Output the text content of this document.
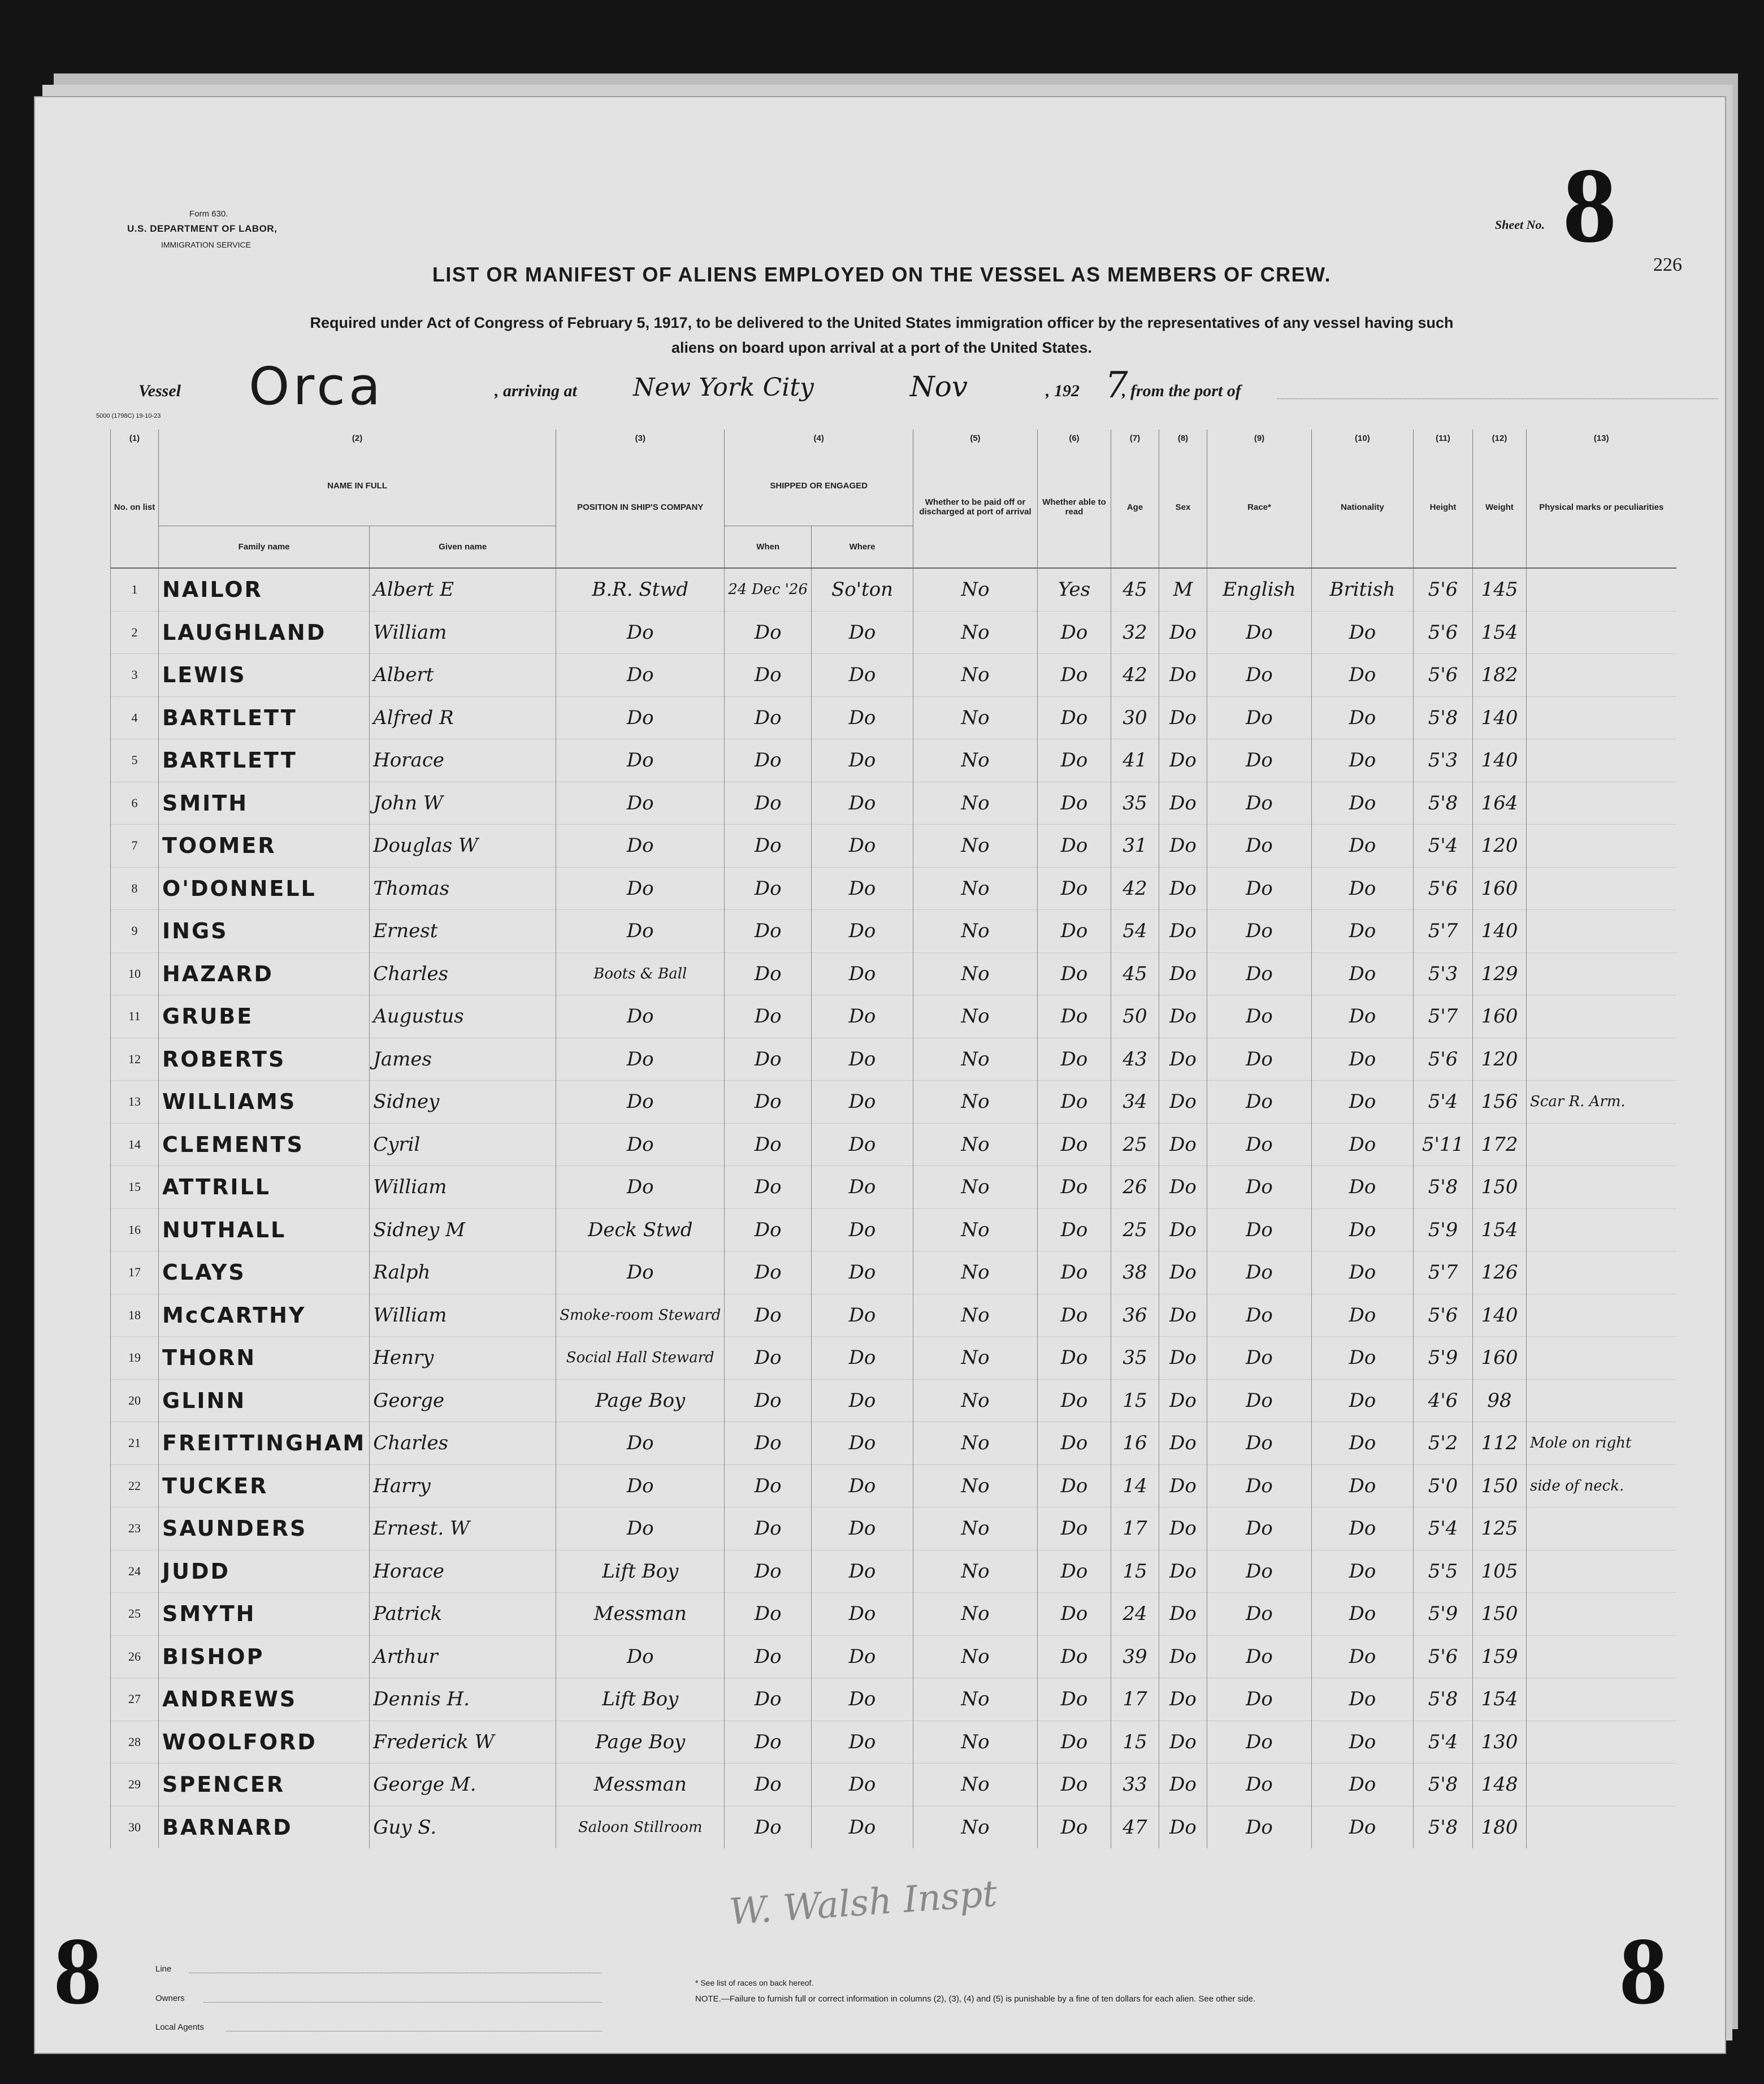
Form 630.
U.S. DEPARTMENT OF LABOR,
IMMIGRATION SERVICE
Sheet No. 8 226
LIST OR MANIFEST OF ALIENS EMPLOYED ON THE VESSEL AS MEMBERS OF CREW.
Required under Act of Congress of February 5, 1917, to be delivered to the United States immigration officer by the representatives of any vessel having such
aliens on board upon arrival at a port of the United States.
Vessel Orca	, arriving at New York City	Nov	, 192 7
, from the port of
5000 (1798C) 19-10-23
(1)	(2)		(3)	(4)		(5)	(6)	(7)	(8)	(9)	(10)	(11)	(12)	(13)
No. on list	NAME IN FULL		POSITION IN SHIP'S COMPANY	SHIPPED OR ENGAGED		Whether to be paid off or discharged at port of arrival	Whether able to read	Age	Sex	Race*	Nationality	Height	Weight	Physical marks or peculiarities
	Family name	Given name		When	Where									
1	NAILOR	Albert E	B.R. Stwd	24 Dec '26	So'ton	No	Yes	45	M	English	British	5'6	145	
2	LAUGHLAND	William	Do	Do	Do	No	Do	32	Do	Do	Do	5'6	154	
3	LEWIS	Albert	Do	Do	Do	No	Do	42	Do	Do	Do	5'6	182	
4	BARTLETT	Alfred R	Do	Do	Do	No	Do	30	Do	Do	Do	5'8	140	
5	BARTLETT	Horace	Do	Do	Do	No	Do	41	Do	Do	Do	5'3	140	
6	SMITH	John W	Do	Do	Do	No	Do	35	Do	Do	Do	5'8	164	
7	TOOMER	Douglas W	Do	Do	Do	No	Do	31	Do	Do	Do	5'4	120	
8	O'DONNELL	Thomas	Do	Do	Do	No	Do	42	Do	Do	Do	5'6	160	
9	INGS	Ernest	Do	Do	Do	No	Do	54	Do	Do	Do	5'7	140	
10	HAZARD	Charles	Boots & Ball	Do	Do	No	Do	45	Do	Do	Do	5'3	129	
11	GRUBE	Augustus	Do	Do	Do	No	Do	50	Do	Do	Do	5'7	160	
12	ROBERTS	James	Do	Do	Do	No	Do	43	Do	Do	Do	5'6	120	
13	WILLIAMS	Sidney	Do	Do	Do	No	Do	34	Do	Do	Do	5'4	156	Scar R. Arm.
14	CLEMENTS	Cyril	Do	Do	Do	No	Do	25	Do	Do	Do	5'11	172	
15	ATTRILL	William	Do	Do	Do	No	Do	26	Do	Do	Do	5'8	150	
16	NUTHALL	Sidney M	Deck Stwd	Do	Do	No	Do	25	Do	Do	Do	5'9	154	
17	CLAYS	Ralph	Do	Do	Do	No	Do	38	Do	Do	Do	5'7	126	
18	McCARTHY	William	Smoke-room Steward	Do	Do	No	Do	36	Do	Do	Do	5'6	140	
19	THORN	Henry	Social Hall Steward	Do	Do	No	Do	35	Do	Do	Do	5'9	160	
20	GLINN	George	Page Boy	Do	Do	No	Do	15	Do	Do	Do	4'6	98	
21	FREITTINGHAM	Charles	Do	Do	Do	No	Do	16	Do	Do	Do	5'2	112	Mole on right
22	TUCKER	Harry	Do	Do	Do	No	Do	14	Do	Do	Do	5'0	150	side of neck.
23	SAUNDERS	Ernest. W	Do	Do	Do	No	Do	17	Do	Do	Do	5'4	125	
24	JUDD	Horace	Lift Boy	Do	Do	No	Do	15	Do	Do	Do	5'5	105	
25	SMYTH	Patrick	Messman	Do	Do	No	Do	24	Do	Do	Do	5'9	150	
26	BISHOP	Arthur	Do	Do	Do	No	Do	39	Do	Do	Do	5'6	159	
27	ANDREWS	Dennis H.	Lift Boy	Do	Do	No	Do	17	Do	Do	Do	5'8	154	
28	WOOLFORD	Frederick W	Page Boy	Do	Do	No	Do	15	Do	Do	Do	5'4	130	
29	SPENCER	George M.	Messman	Do	Do	No	Do	33	Do	Do	Do	5'8	148	
30	BARNARD	Guy S.	Saloon Stillroom	Do	Do	No	Do	47	Do	Do	Do	5'8	180	
W. Walsh Inspt
8	8
Line
Owners
Local Agents
* See list of races on back hereof.
NOTE.—Failure to furnish full or correct information in columns (2), (3), (4) and (5) is punishable by a fine of ten dollars for each alien. See other side.
